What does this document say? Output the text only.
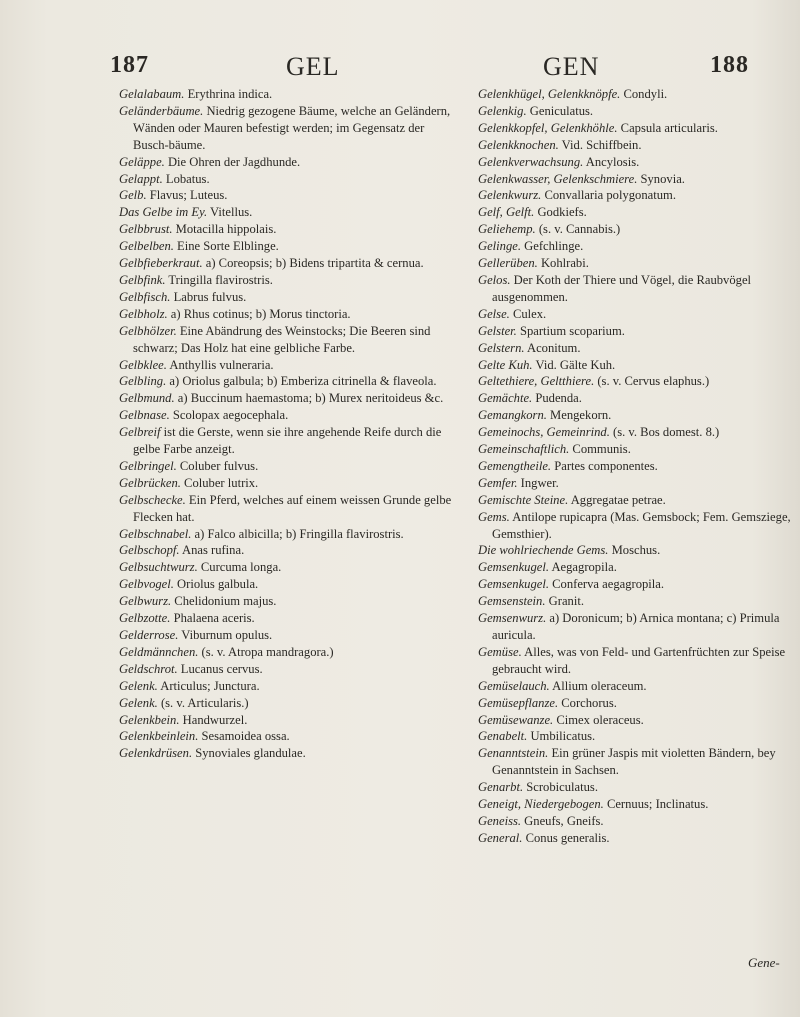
187	GEL	GEN	188

Gelalabaum. Erythrina indica.

Geländerbäume. Niedrig gezogene Bäume, welche an Geländern, Wänden oder Mauren befestigt werden; im Gegensatz der Busch-bäume.

Geläppe. Die Ohren der Jagdhunde.

Gelappt. Lobatus.

Gelb. Flavus; Luteus.

Das Gelbe im Ey. Vitellus.

Gelbbrust. Motacilla hippolais.

Gelbelben. Eine Sorte Elblinge.

Gelbfieberkraut. a) Coreopsis; b) Bidens tripartita & cernua.

Gelbfink. Tringilla flavirostris.

Gelbfisch. Labrus fulvus.

Gelbholz. a) Rhus cotinus; b) Morus tinctoria.

Gelbhölzer. Eine Abändrung des Weinstocks; Die Beeren sind schwarz; Das Holz hat eine gelbliche Farbe.

Gelbklee. Anthyllis vulneraria.

Gelbling. a) Oriolus galbula; b) Emberiza citrinella & flaveola.

Gelbmund. a) Buccinum haemastoma; b) Murex neritoideus &c.

Gelbnase. Scolopax aegocephala.

Gelbreif ist die Gerste, wenn sie ihre angehende Reife durch die gelbe Farbe anzeigt.

Gelbringel. Coluber fulvus.

Gelbrücken. Coluber lutrix.

Gelbschecke. Ein Pferd, welches auf einem weissen Grunde gelbe Flecken hat.

Gelbschnabel. a) Falco albicilla; b) Fringilla flavirostris.

Gelbschopf. Anas rufina.

Gelbsuchtwurz. Curcuma longa.

Gelbvogel. Oriolus galbula.

Gelbwurz. Chelidonium majus.

Gelbzotte. Phalaena aceris.

Gelderrose. Viburnum opulus.

Geldmännchen. (s. v. Atropa mandragora.)

Geldschrot. Lucanus cervus.

Gelenk. Articulus; Junctura.

Gelenk. (s. v. Articularis.)

Gelenkbein. Handwurzel.

Gelenkbeinlein. Sesamoidea ossa.

Gelenkdrüsen. Synoviales glandulae.

Gelenkhügel, Gelenkknöpfe. Condyli.

Gelenkig. Geniculatus.

Gelenkkopfel, Gelenkhöhle. Capsula articularis.

Gelenkknochen. Vid. Schiffbein.

Gelenkverwachsung. Ancylosis.

Gelenkwasser, Gelenkschmiere. Synovia.

Gelenkwurz. Convallaria polygonatum.

Gelf, Gelft. Godkiefs.

Geliehemp. (s. v. Cannabis.)

Gelinge. Gefchlinge.

Gellerüben. Kohlrabi.

Gelos. Der Koth der Thiere und Vögel, die Raubvögel ausgenommen.

Gelse. Culex.

Gelster. Spartium scoparium.

Gelstern. Aconitum.

Gelte Kuh. Vid. Gälte Kuh.

Geltethiere, Geltthiere. (s. v. Cervus elaphus.)

Gemächte. Pudenda.

Gemangkorn. Mengekorn.

Gemeinochs, Gemeinrind. (s. v. Bos domest. 8.)

Gemeinschaftlich. Communis.

Gemengtheile. Partes componentes.

Gemfer. Ingwer.

Gemischte Steine. Aggregatae petrae.

Gems. Antilope rupicapra (Mas. Gemsbock; Fem. Gemsziege, Gemsthier).

Die wohlriechende Gems. Moschus.

Gemsenkugel. Aegagropila.

Gemsenkugel. Conferva aegagropila.

Gemsenstein. Granit.

Gemsenwurz. a) Doronicum; b) Arnica montana; c) Primula auricula.

Gemüse. Alles, was von Feld- und Gartenfrüchten zur Speise gebraucht wird.

Gemüselauch. Allium oleraceum.

Gemüsepflanze. Corchorus.

Gemüsewanze. Cimex oleraceus.

Genabelt. Umbilicatus.

Genanntstein. Ein grüner Jaspis mit violetten Bändern, bey Genanntstein in Sachsen.

Genarbt. Scrobiculatus.

Geneigt, Niedergebogen. Cernuus; Inclinatus.

Geneiss. Gneufs, Gneifs.

General. Conus generalis.

Gene-
